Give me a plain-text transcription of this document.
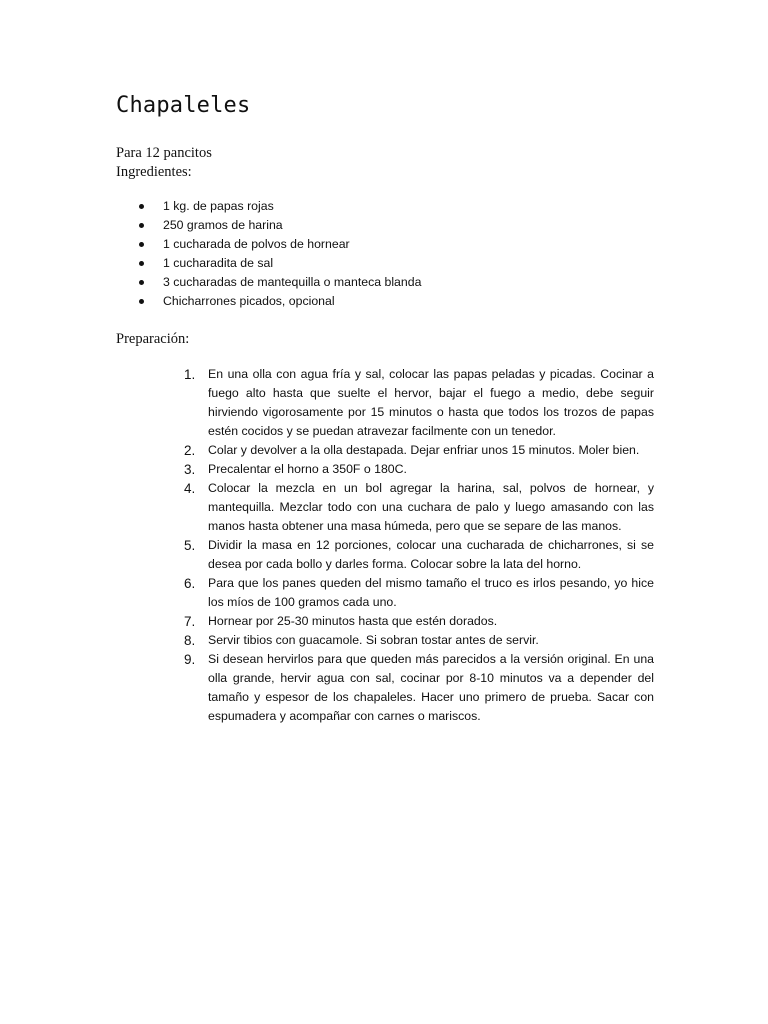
Chapaleles

Para 12 pancitos

Ingredientes:

1 kg. de papas rojas
250 gramos de harina
1 cucharada de polvos de hornear
1 cucharadita de sal
3 cucharadas de mantequilla o manteca blanda
Chicharrones picados, opcional

Preparación:

1.	En una olla con agua fría y sal, colocar las papas peladas y picadas. Cocinar a fuego alto hasta que suelte el hervor, bajar el fuego a medio, debe seguir hirviendo vigorosamente por 15 minutos o hasta que todos los trozos de papas estén cocidos y se puedan atravezar facilmente con un tenedor.
2.	Colar y devolver a la olla destapada. Dejar enfriar unos 15 minutos. Moler bien.
3.	Precalentar el horno a 350F o 180C.
4.	Colocar la mezcla en un bol agregar la harina, sal, polvos de hornear, y mantequilla. Mezclar todo con una cuchara de palo y luego amasando con las manos hasta obtener una masa húmeda, pero que se separe de las manos.
5.	Dividir la masa en 12 porciones, colocar una cucharada de chicharrones, si se desea por cada bollo y darles forma. Colocar sobre la lata del horno.
6.	Para que los panes queden del mismo tamaño el truco es irlos pesando, yo hice los míos de 100 gramos cada uno.
7.	Hornear por 25-30 minutos hasta que estén dorados.
8.	Servir tibios con guacamole. Si sobran tostar antes de servir.
9.	Si desean hervirlos para que queden más parecidos a la versión original. En una olla grande, hervir agua con sal, cocinar por 8-10 minutos va a depender del tamaño y espesor de los chapaleles. Hacer uno primero de prueba. Sacar con espumadera y acompañar con carnes o mariscos.
